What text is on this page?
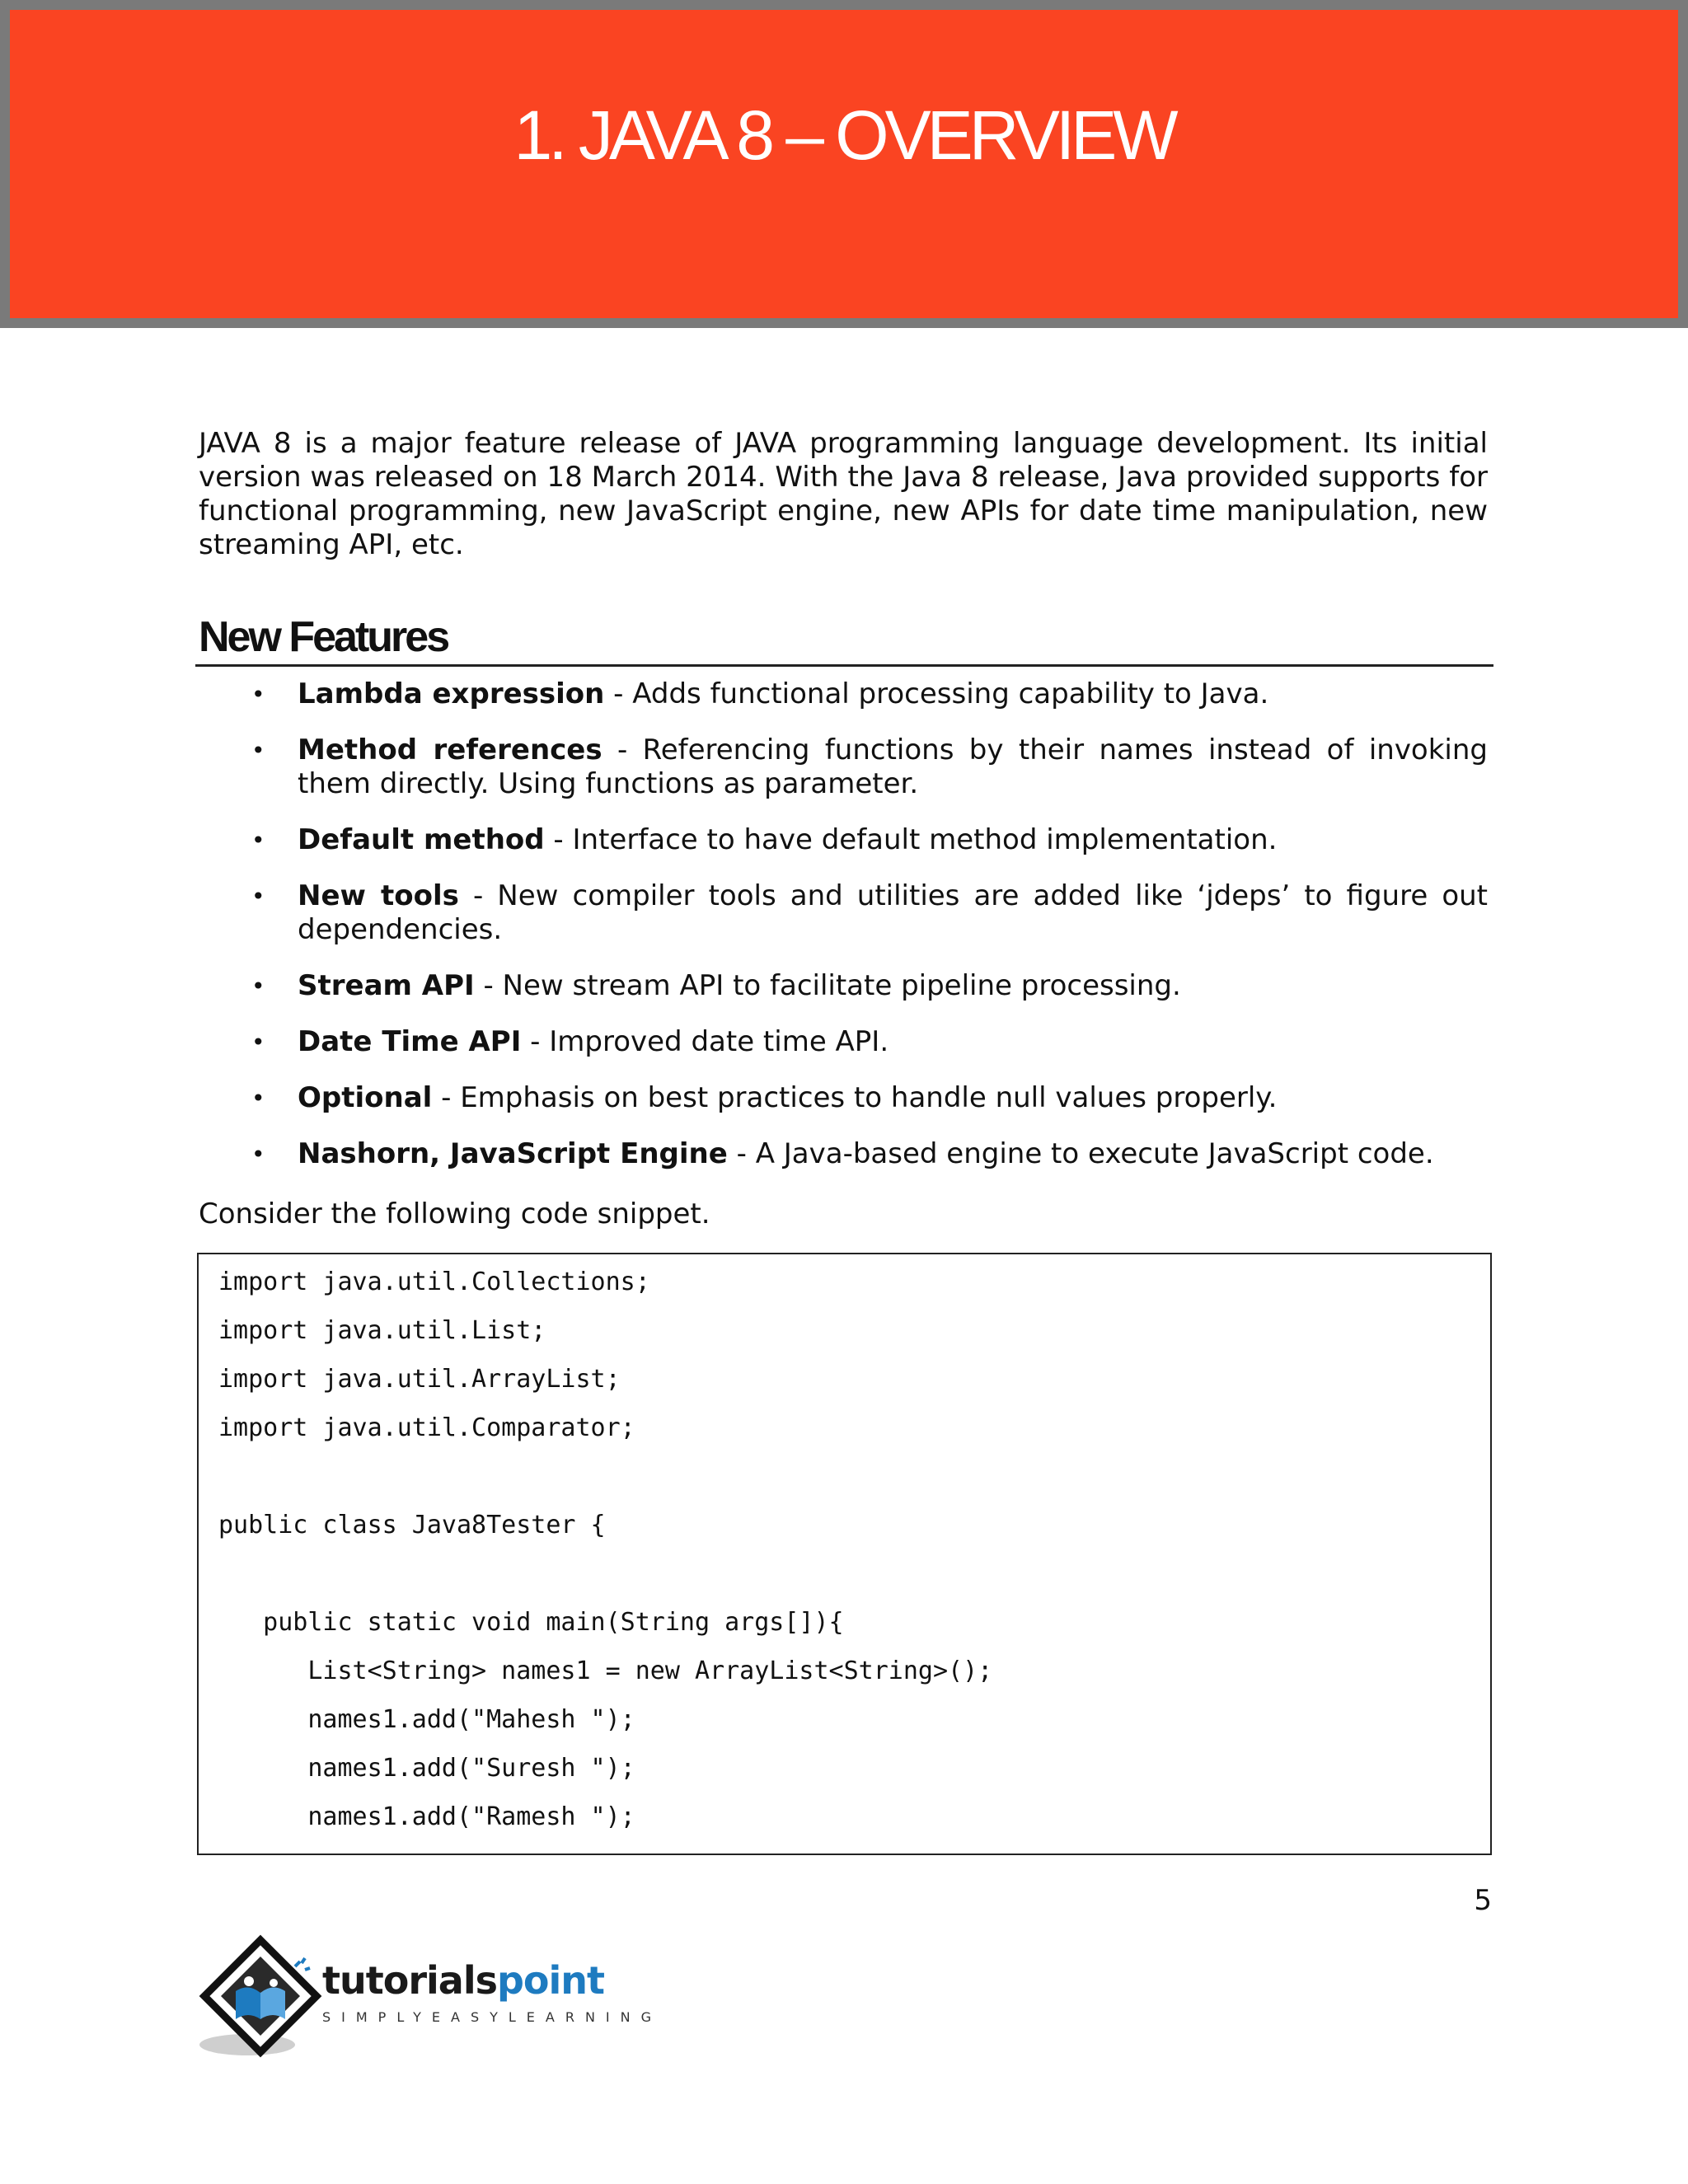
1. JAVA 8 – OVERVIEW

JAVA 8 is a major feature release of JAVA programming language development. Its initial version was released on 18 March 2014. With the Java 8 release, Java provided supports for functional programming, new JavaScript engine, new APIs for date time manipulation, new streaming API, etc.

New Features
• Lambda expression - Adds functional processing capability to Java.
• Method references - Referencing functions by their names instead of invoking them directly. Using functions as parameter.
• Default method - Interface to have default method implementation.
• New tools - New compiler tools and utilities are added like ‘jdeps’ to figure out dependencies.
• Stream API - New stream API to facilitate pipeline processing.
• Date Time API - Improved date time API.
• Optional - Emphasis on best practices to handle null values properly.
• Nashorn, JavaScript Engine - A Java-based engine to execute JavaScript code.

Consider the following code snippet.

import java.util.Collections;
import java.util.List;
import java.util.ArrayList;
import java.util.Comparator;
public class Java8Tester {
public static void main(String args[]){
List<String> names1 = new ArrayList<String>();
names1.add("Mahesh ");
names1.add("Suresh ");
names1.add("Ramesh ");
5
tutorialspoint
SIMPLYEASYLEARNING
